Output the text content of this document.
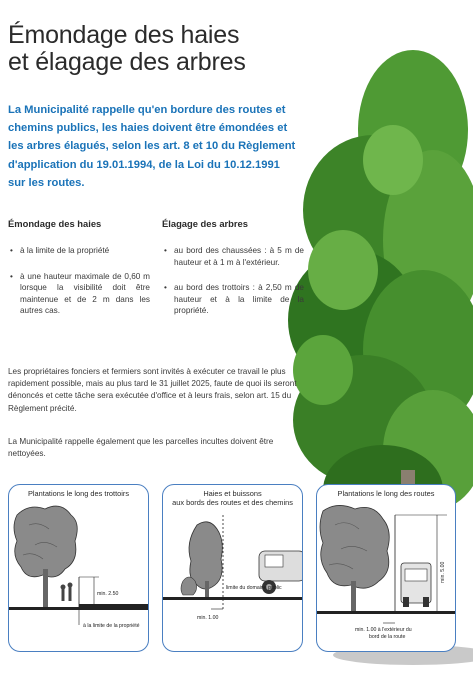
Émondage des haies
et élagage des arbres

La Municipalité rappelle qu'en bordure des routes et chemins publics, les haies doivent être émondées et les arbres élagués, selon les art. 8 et 10 du Règlement d'application du 19.01.1994, de la Loi du 10.12.1991 sur les routes.

Émondage des haies
• à la limite de la propriété
• à une hauteur maximale de 0,60 m lorsque la visibilité doit être maintenue et de 2 m dans les autres cas.
Élagage des arbres
• au bord des chaussées : à 5 m de hauteur et à 1 m à l'extérieur.
• au bord des trottoirs : à 2,50 m de hauteur et à la limite de la propriété.

Les propriétaires fonciers et fermiers sont invités à exécuter ce travail le plus rapidement possible, mais au plus tard le 31 juillet 2025, faute de quoi ils seront dénoncés et cette tâche sera exécutée d'office et à leurs frais, selon art. 15 du Règlement précité.

La Municipalité rappelle également que les parcelles incultes doivent être nettoyées.

Plantations le long des trottoirs
min. 2.50
à la limite de la propriété
Haies et buissons
aux bords des routes et des chemins
limite du domaine public
min. 1.00
Plantations le long des routes
min. 5.00
min. 1.00 à l'extérieur du
bord de la route
